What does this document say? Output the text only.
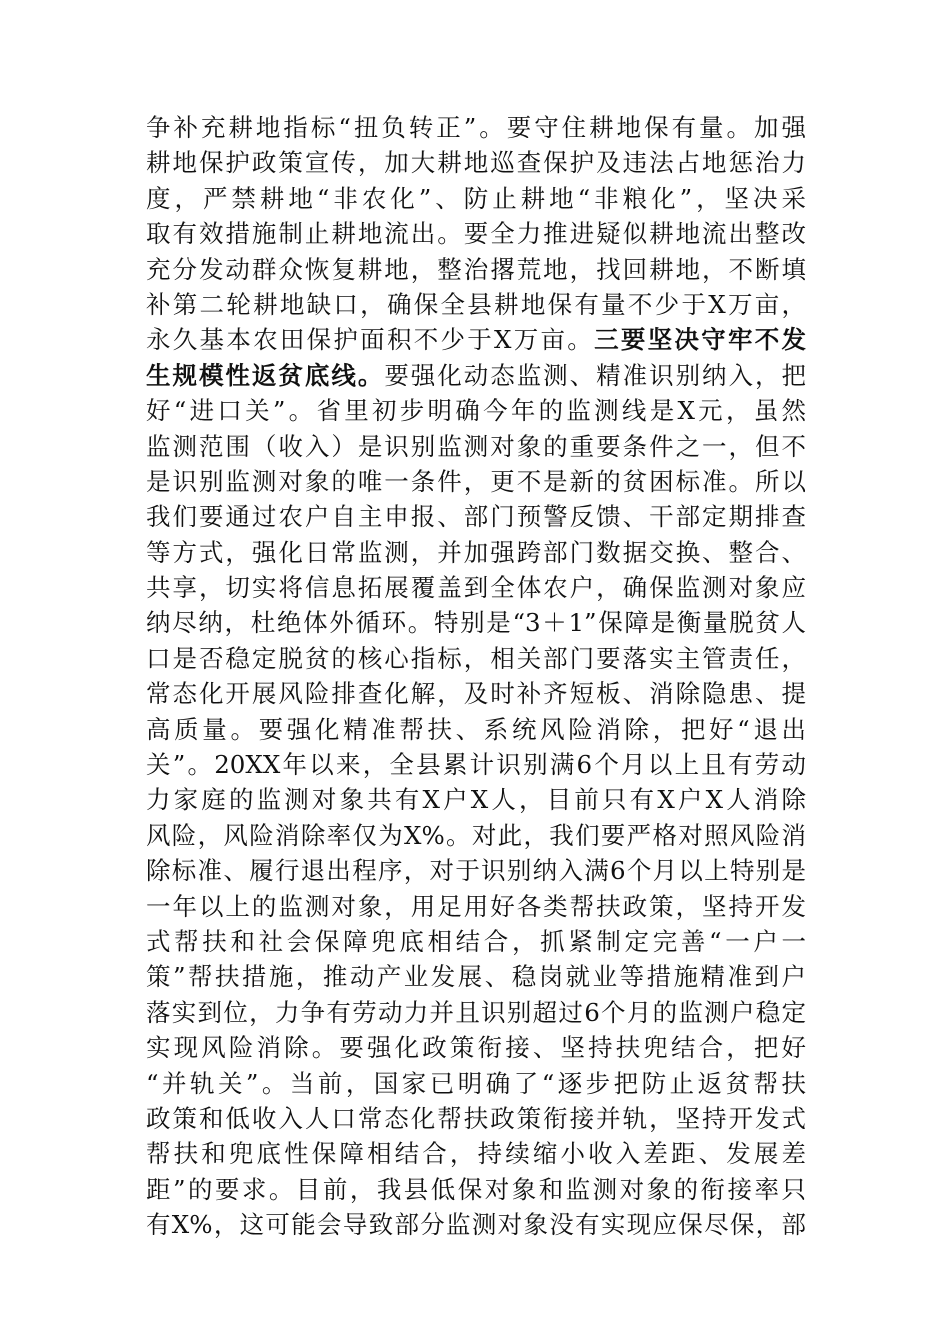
争补充耕地指标“扭负转正”。要守住耕地保有量。加强
耕地保护政策宣传，加大耕地巡查保护及违法占地惩治力
度，严禁耕地“非农化”、防止耕地“非粮化”，坚决采
取有效措施制止耕地流出。要全力推进疑似耕地流出整改
充分发动群众恢复耕地，整治撂荒地，找回耕地，不断填
补第二轮耕地缺口，确保全县耕地保有量不少于X万亩，
永久基本农田保护面积不少于X万亩。三要坚决守牢不发
生规模性返贫底线。要强化动态监测、精准识别纳入，把
好“进口关”。省里初步明确今年的监测线是X元，虽然
监测范围（收入）是识别监测对象的重要条件之一，但不
是识别监测对象的唯一条件，更不是新的贫困标准。所以
我们要通过农户自主申报、部门预警反馈、干部定期排查
等方式，强化日常监测，并加强跨部门数据交换、整合、
共享，切实将信息拓展覆盖到全体农户，确保监测对象应
纳尽纳，杜绝体外循环。特别是“3＋1”保障是衡量脱贫人
口是否稳定脱贫的核心指标，相关部门要落实主管责任，
常态化开展风险排查化解，及时补齐短板、消除隐患、提
高质量。要强化精准帮扶、系统风险消除，把好“退出
关”。20XX年以来，全县累计识别满6个月以上且有劳动
力家庭的监测对象共有X户X人，目前只有X户X人消除
风险，风险消除率仅为X%。对此，我们要严格对照风险消
除标准、履行退出程序，对于识别纳入满6个月以上特别是
一年以上的监测对象，用足用好各类帮扶政策，坚持开发
式帮扶和社会保障兜底相结合，抓紧制定完善“一户一
策”帮扶措施，推动产业发展、稳岗就业等措施精准到户
落实到位，力争有劳动力并且识别超过6个月的监测户稳定
实现风险消除。要强化政策衔接、坚持扶兜结合，把好
“并轨关”。当前，国家已明确了“逐步把防止返贫帮扶
政策和低收入人口常态化帮扶政策衔接并轨，坚持开发式
帮扶和兜底性保障相结合，持续缩小收入差距、发展差
距”的要求。目前，我县低保对象和监测对象的衔接率只
有X%，这可能会导致部分监测对象没有实现应保尽保，部
